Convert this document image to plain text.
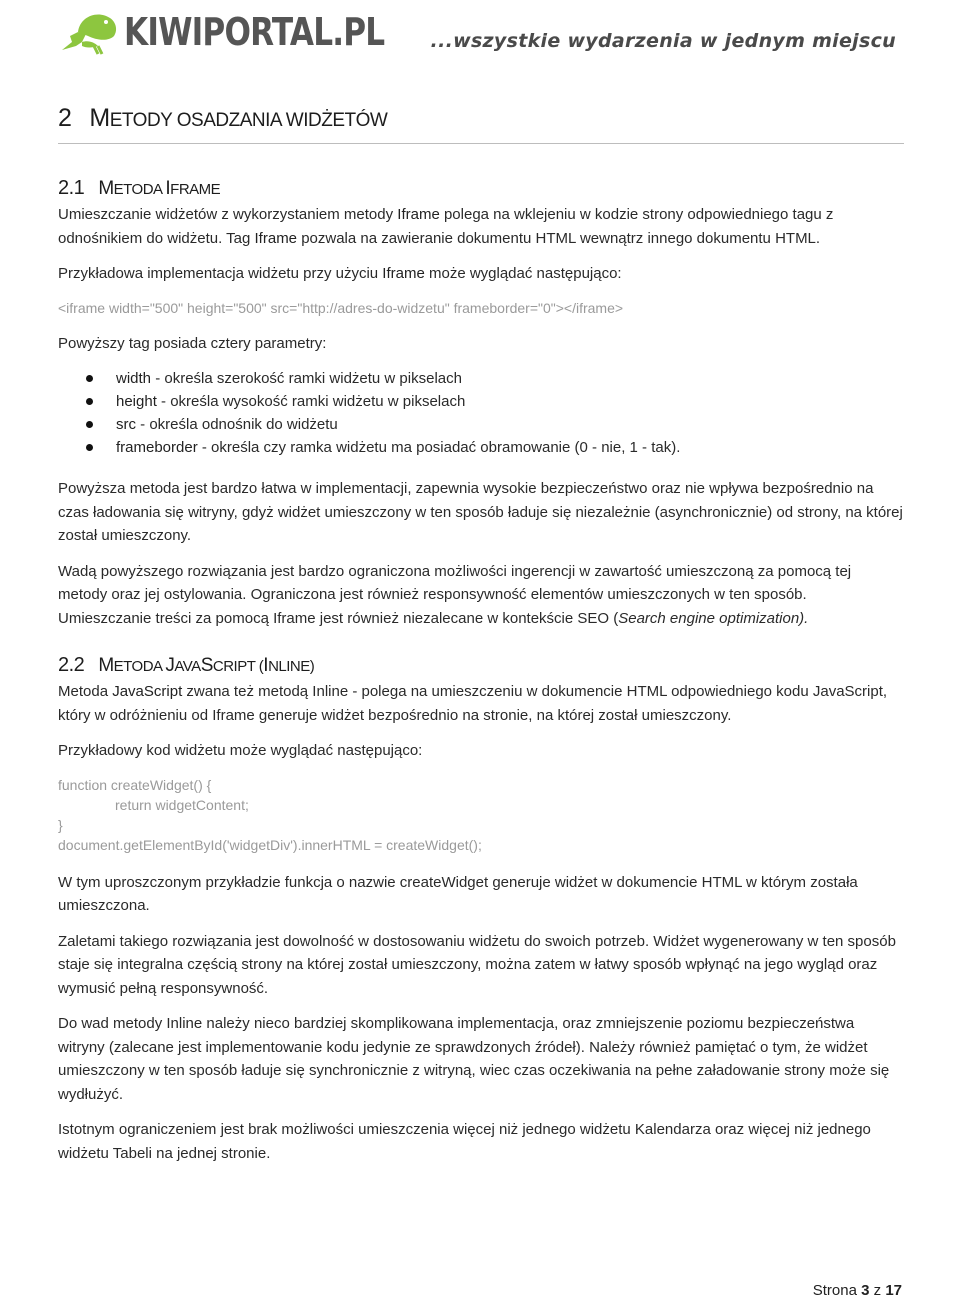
KIWIPORTAL.PL ...wszystkie wydarzenia w jednym miejscu
2 METODY OSADZANIA WIDŻETÓW
2.1 METODA IFRAME

Umieszczanie widżetów z wykorzystaniem metody Iframe polega na wklejeniu w kodzie strony odpowiedniego tagu z odnośnikiem do widżetu. Tag Iframe pozwala na zawieranie dokumentu HTML wewnątrz innego dokumentu HTML.

Przykładowa implementacja widżetu przy użyciu Iframe może wyglądać następująco:

<iframe width="500" height="500" src="http://adres-do-widzetu" frameborder="0"></iframe>

Powyższy tag posiada cztery parametry:

width - określa szerokość ramki widżetu w pikselach
height - określa wysokość ramki widżetu w pikselach
src - określa odnośnik do widżetu
frameborder - określa czy ramka widżetu ma posiadać obramowanie (0 - nie, 1 - tak).

Powyższa metoda jest bardzo łatwa w implementacji, zapewnia wysokie bezpieczeństwo oraz nie wpływa bezpośrednio na czas ładowania się witryny, gdyż widżet umieszczony w ten sposób ładuje się niezależnie (asynchronicznie) od strony, na której został umieszczony.

Wadą powyższego rozwiązania jest bardzo ograniczona możliwości ingerencji w zawartość umieszczoną za pomocą tej metody oraz jej ostylowania. Ograniczona jest również responsywność elementów umieszczonych w ten sposób. Umieszczanie treści za pomocą Iframe jest również niezalecane w kontekście SEO (Search engine optimization).

2.2 METODA JAVASCRIPT (INLINE)

Metoda JavaScript zwana też metodą Inline - polega na umieszczeniu w dokumencie HTML odpowiedniego kodu JavaScript, który w odróżnieniu od Iframe generuje widżet bezpośrednio na stronie, na której został umieszczony.

Przykładowy kod widżetu może wyglądać następująco:

function createWidget() {
return widgetContent;
}
document.getElementById('widgetDiv').innerHTML = createWidget();

W tym uproszczonym przykładzie funkcja o nazwie createWidget generuje widżet w dokumencie HTML w którym została umieszczona.

Zaletami takiego rozwiązania jest dowolność w dostosowaniu widżetu do swoich potrzeb. Widżet wygenerowany w ten sposób staje się integralna częścią strony na której został umieszczony, można zatem w łatwy sposób wpłynąć na jego wygląd oraz wymusić pełną responsywność.

Do wad metody Inline należy nieco bardziej skomplikowana implementacja, oraz zmniejszenie poziomu bezpieczeństwa witryny (zalecane jest implementowanie kodu jedynie ze sprawdzonych źródeł). Należy również pamiętać o tym, że widżet umieszczony w ten sposób ładuje się synchronicznie z witryną, wiec czas oczekiwania na pełne załadowanie strony może się wydłużyć.

Istotnym ograniczeniem jest brak możliwości umieszczenia więcej niż jednego widżetu Kalendarza oraz więcej niż jednego widżetu Tabeli na jednej stronie.

Strona 3 z 17
